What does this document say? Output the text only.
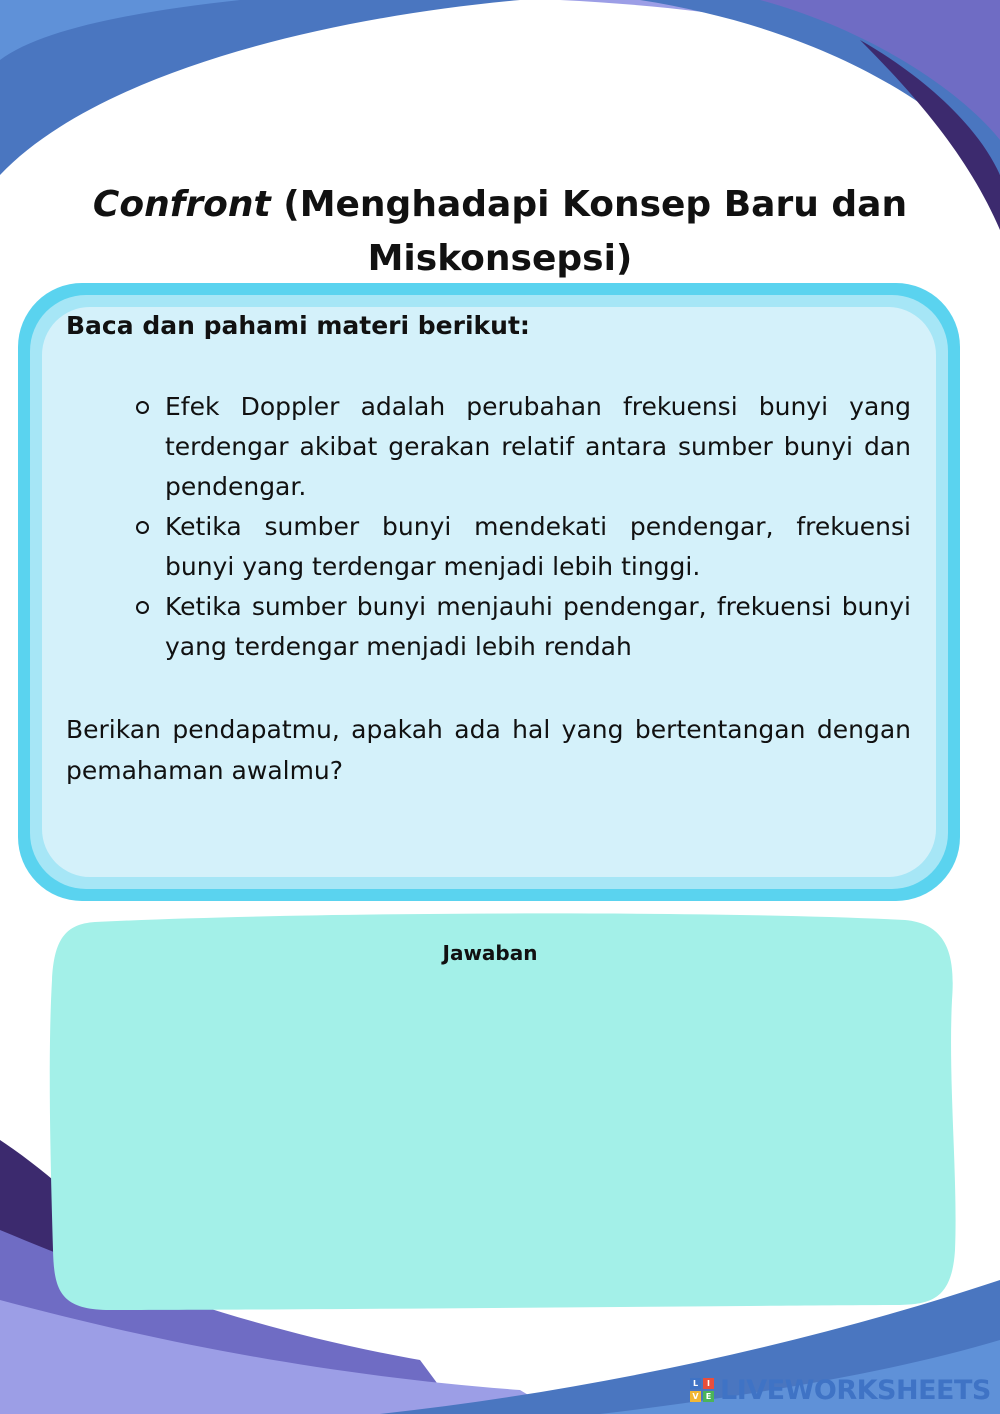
Confront (Menghadapi Konsep Baru dan Miskonsepsi)
Baca dan pahami materi berikut:
Efek Doppler adalah perubahan frekuensi bunyi yang terdengar akibat gerakan relatif antara sumber bunyi dan pendengar.
Ketika sumber bunyi mendekati pendengar, frekuensi bunyi yang terdengar menjadi lebih tinggi.
Ketika sumber bunyi menjauhi pendengar, frekuensi bunyi yang terdengar menjadi lebih rendah
Berikan pendapatmu, apakah ada hal yang bertentangan dengan pemahaman awalmu?
Jawaban
L	I
V E LIVEWORKSHEETS
